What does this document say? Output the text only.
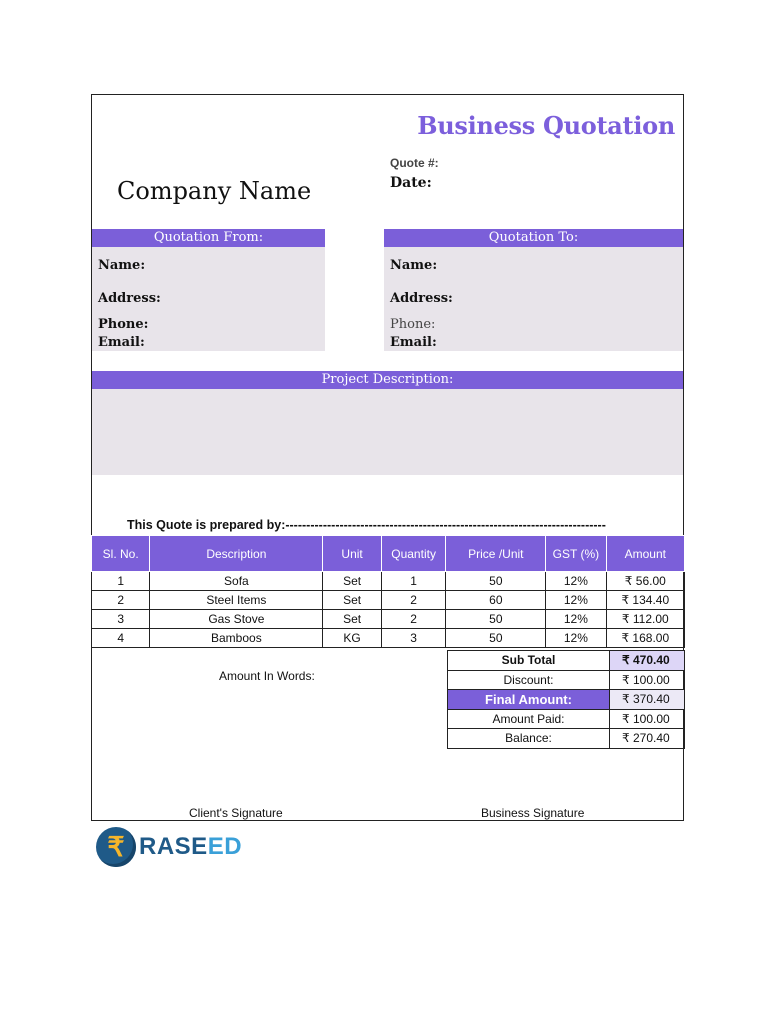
Business Quotation
Company Name
Quote #:
Date:
Quotation From:
Name:
Address:
Phone:
Email:
Quotation To:
Name:
Address:
Phone:
Email:
Project Description:
This Quote is prepared by:-----------------------------------------------------------------------------
Sl. No.	Description	Unit	Quantity	Price /Unit	GST (%)	Amount
1	Sofa	Set	1	50	12%	₹ 56.00
2	Steel Items	Set	2	60	12%	₹ 134.40
3	Gas Stove	Set	2	50	12%	₹ 112.00
4	Bamboos	KG	3	50	12%	₹ 168.00
Amount In Words:
Sub Total	₹ 470.40
Discount:	₹ 100.00
Final Amount:	₹ 370.40
Amount Paid:	₹ 100.00
Balance:	₹ 270.40
Client's Signature	Business Signature
₹ RASEED
